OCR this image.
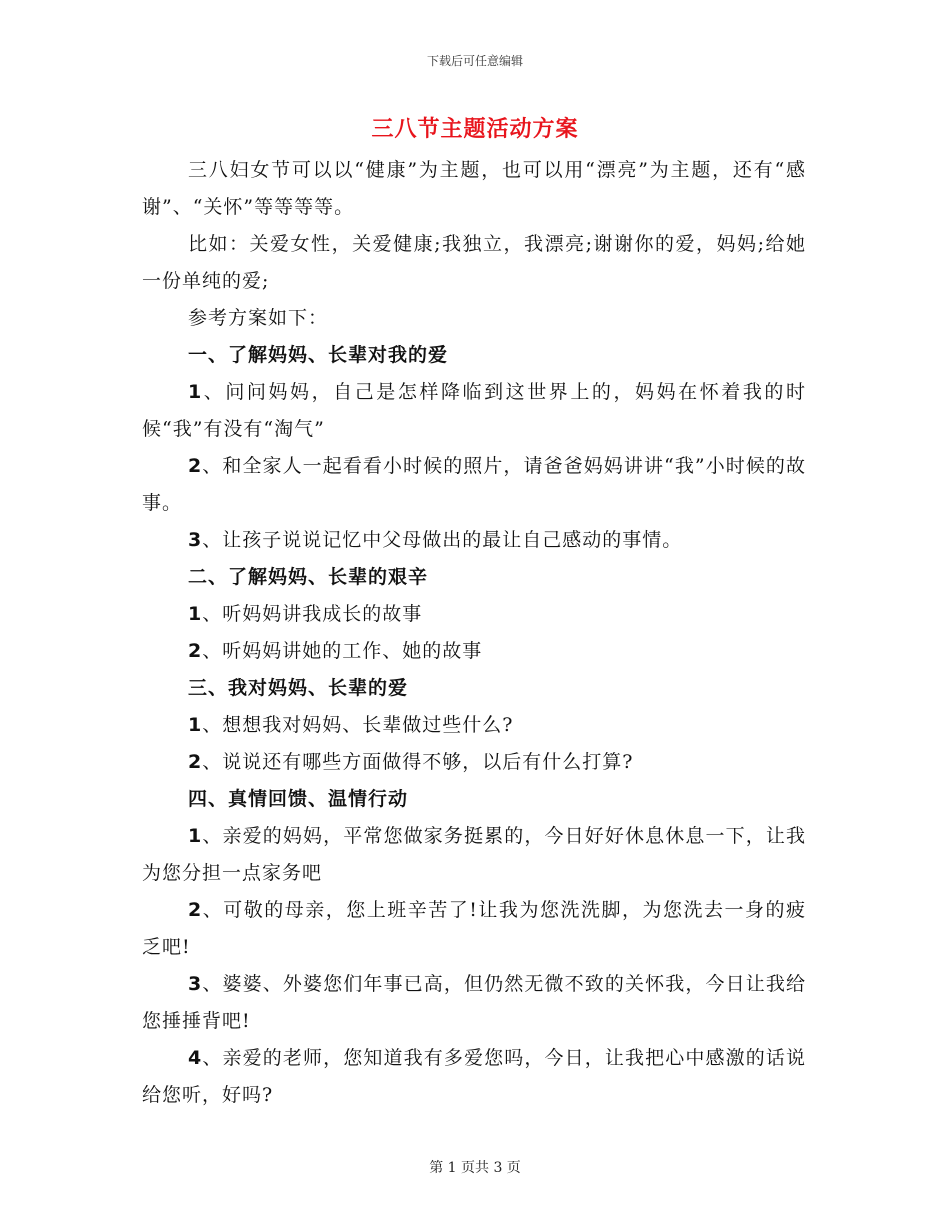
下载后可任意编辑
三八节主题活动方案

三八妇女节可以以“健康”为主题，也可以用“漂亮”为主题，还有“感谢”、“关怀”等等等等。

比如：关爱女性，关爱健康;我独立，我漂亮;谢谢你的爱，妈妈;给她一份单纯的爱;

参考方案如下：

一、了解妈妈、长辈对我的爱

1、问问妈妈，自己是怎样降临到这世界上的，妈妈在怀着我的时候“我”有没有“淘气”

2、和全家人一起看看小时候的照片，请爸爸妈妈讲讲“我”小时候的故事。

3、让孩子说说记忆中父母做出的最让自己感动的事情。

二、了解妈妈、长辈的艰辛

1、听妈妈讲我成长的故事

2、听妈妈讲她的工作、她的故事

三、我对妈妈、长辈的爱

1、想想我对妈妈、长辈做过些什么?

2、说说还有哪些方面做得不够，以后有什么打算?

四、真情回馈、温情行动

1、亲爱的妈妈，平常您做家务挺累的，今日好好休息休息一下，让我为您分担一点家务吧

2、可敬的母亲，您上班辛苦了!让我为您洗洗脚，为您洗去一身的疲乏吧!

3、婆婆、外婆您们年事已高，但仍然无微不致的关怀我，今日让我给您捶捶背吧!

4、亲爱的老师，您知道我有多爱您吗，今日，让我把心中感激的话说给您听，好吗?

第 1 页共 3 页
